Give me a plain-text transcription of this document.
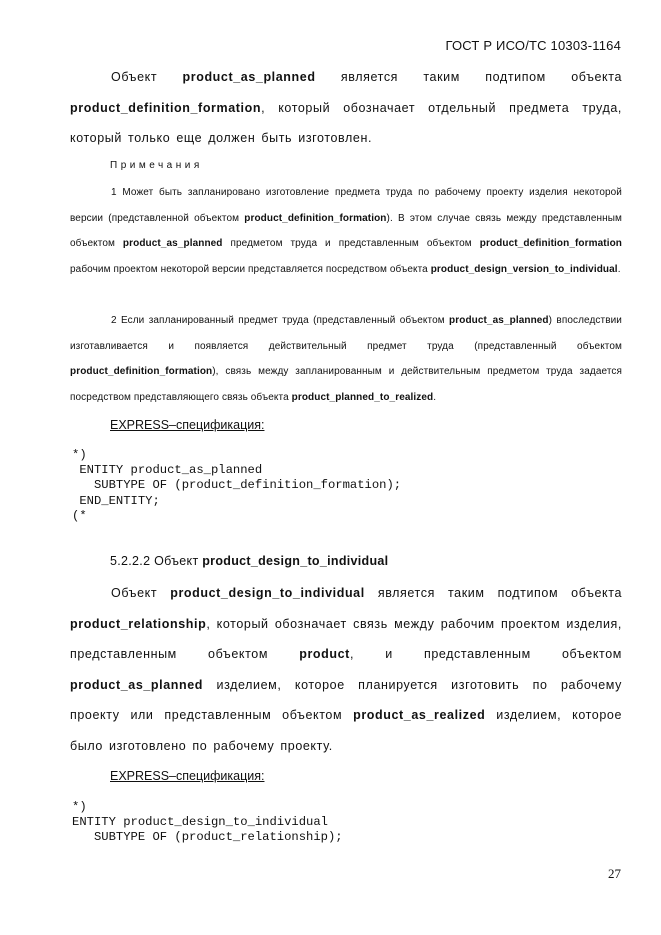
ГОСТ Р ИСО/ТС 10303-1164
Объект product_as_planned является таким подтипом объекта product_definition_formation, который обозначает отдельный предмета труда, который только еще должен быть изготовлен.
Примечания
1 Может быть запланировано изготовление предмета труда по рабочему проекту изделия некоторой версии (представленной объектом product_definition_formation). В этом случае связь между представленным объектом product_as_planned предметом труда и представленным объектом product_definition_formation рабочим проектом некоторой версии представляется посредством объекта product_design_version_to_individual.
2 Если запланированный предмет труда (представленный объектом product_as_planned) впоследствии изготавливается и появляется действительный предмет труда (представленный объектом product_definition_formation), связь между запланированным и действительным предметом труда задается посредством представляющего связь объекта product_planned_to_realized.
EXPRESS–спецификация:
*)
ENTITY product_as_planned
SUBTYPE OF (product_definition_formation);
END_ENTITY;
(*
5.2.2.2 Объект product_design_to_individual
Объект product_design_to_individual является таким подтипом объекта product_relationship, который обозначает связь между рабочим проектом изделия, представленным объектом product, и представленным объектом product_as_planned изделием, которое планируется изготовить по рабочему проекту или представленным объектом product_as_realized изделием, которое было изготовлено по рабочему проекту.
EXPRESS–спецификация:
*)
ENTITY product_design_to_individual
SUBTYPE OF (product_relationship);
27
